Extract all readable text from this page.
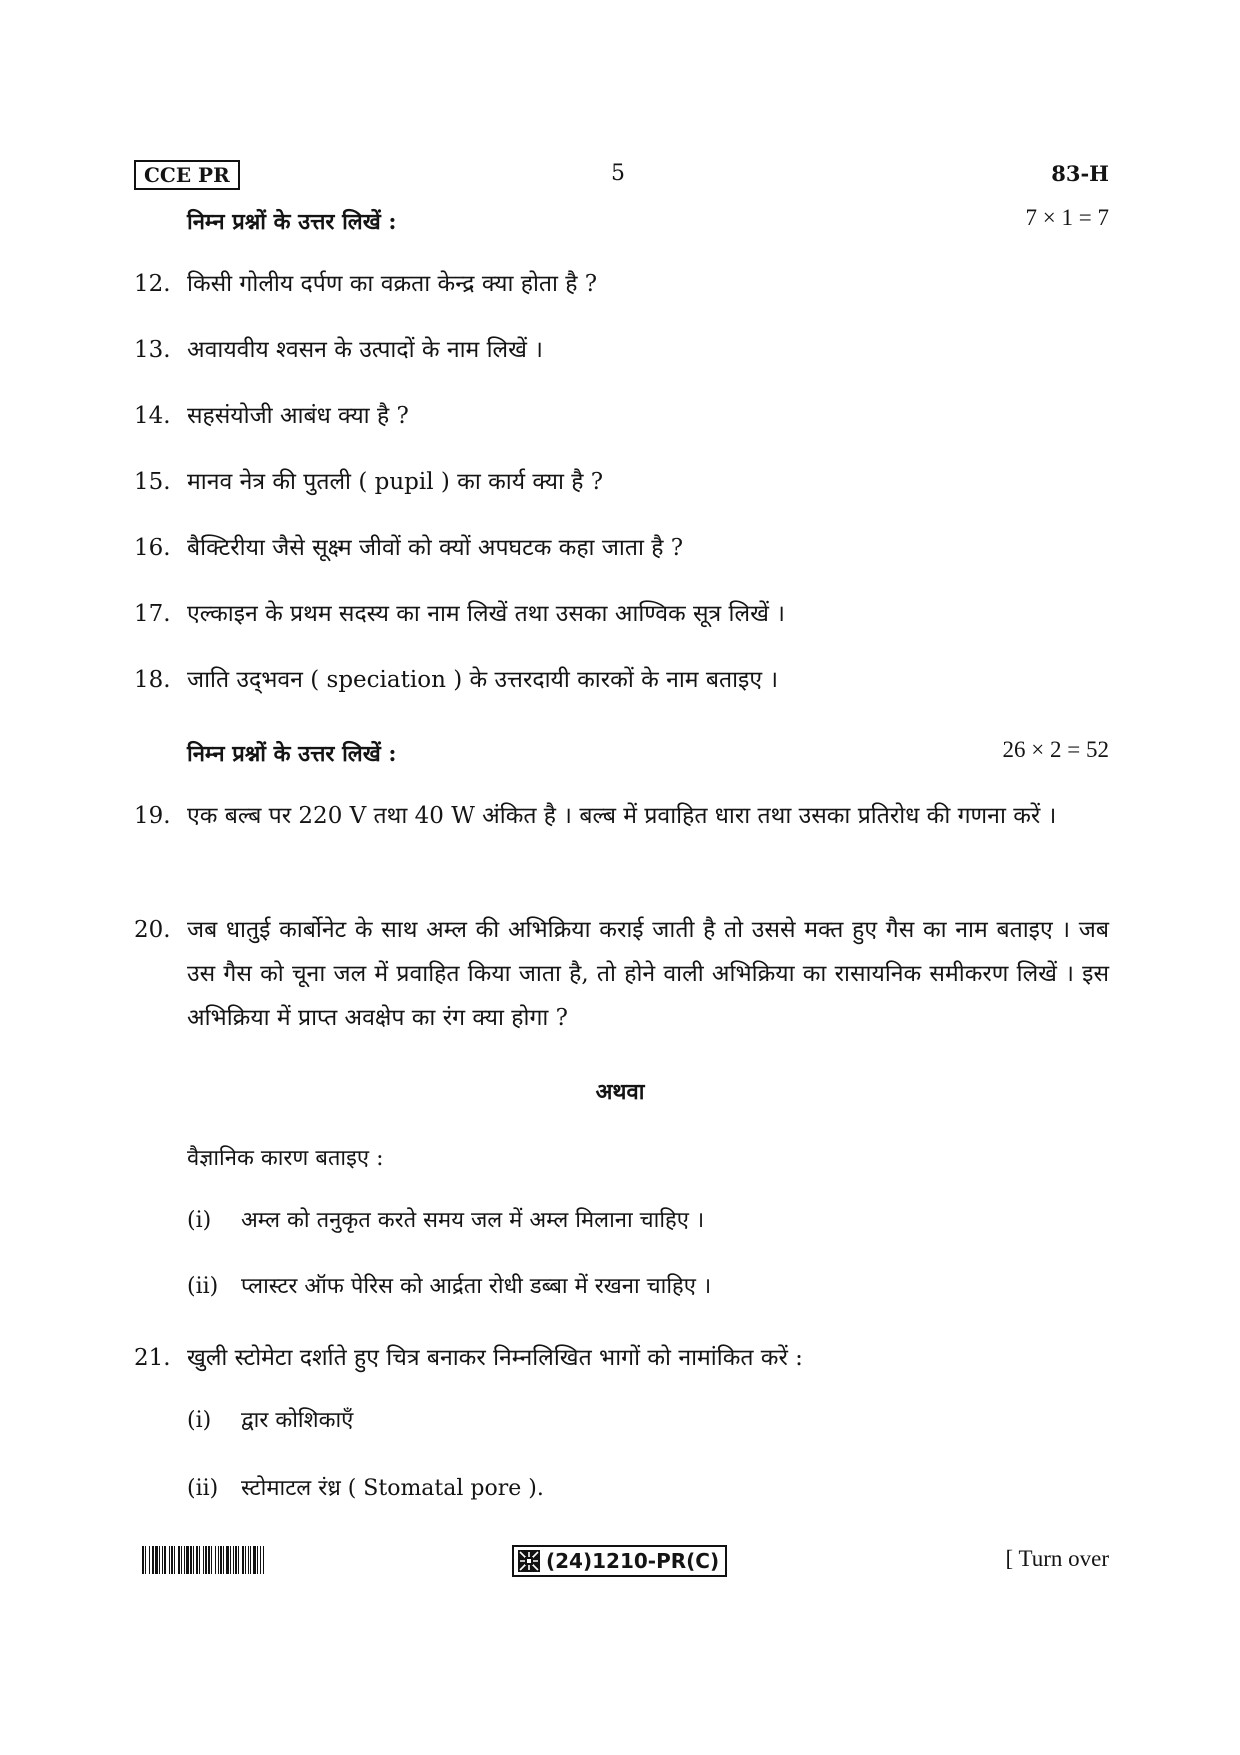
CCE PR	5	83-H
निम्न प्रश्नों के उत्तर लिखें :	7 × 1 = 7
12. किसी गोलीय दर्पण का वक्रता केन्द्र क्या होता है ?
13. अवायवीय श्वसन के उत्पादों के नाम लिखें ।
14. सहसंयोजी आबंध क्या है ?
15. मानव नेत्र की पुतली ( pupil ) का कार्य क्या है ?
16. बैक्टिरीया जैसे सूक्ष्म जीवों को क्यों अपघटक कहा जाता है ?
17. एल्काइन के प्रथम सदस्य का नाम लिखें तथा उसका आण्विक सूत्र लिखें ।
18. जाति उद्‌भवन ( speciation ) के उत्तरदायी कारकों के नाम बताइए ।
निम्न प्रश्नों के उत्तर लिखें :	26 × 2 = 52
19. एक बल्ब पर 220 V तथा 40 W अंकित है । बल्ब में प्रवाहित धारा तथा उसका प्रतिरोध की गणना करें ।
20. जब धातुई कार्बोनेट के साथ अम्ल की अभिक्रिया कराई जाती है तो उससे मक्त हुए गैस का नाम बताइए । जब उस गैस को चूना जल में प्रवाहित किया जाता है, तो होने वाली अभिक्रिया का रासायनिक समीकरण लिखें । इस अभिक्रिया में प्राप्त अवक्षेप का रंग क्या होगा ?
अथवा
वैज्ञानिक कारण बताइए :
(i) अम्ल को तनुकृत करते समय जल में अम्ल मिलाना चाहिए ।
(ii) प्लास्टर ऑफ पेरिस को आर्द्रता रोधी डब्बा में रखना चाहिए ।
21. खुली स्टोमेटा दर्शाते हुए चित्र बनाकर निम्नलिखित भागों को नामांकित करें :
(i) द्वार कोशिकाएँ
(ii) स्टोमाटल रंध्र ( Stomatal pore ).
(24)1210-PR(C)	[ Turn over
